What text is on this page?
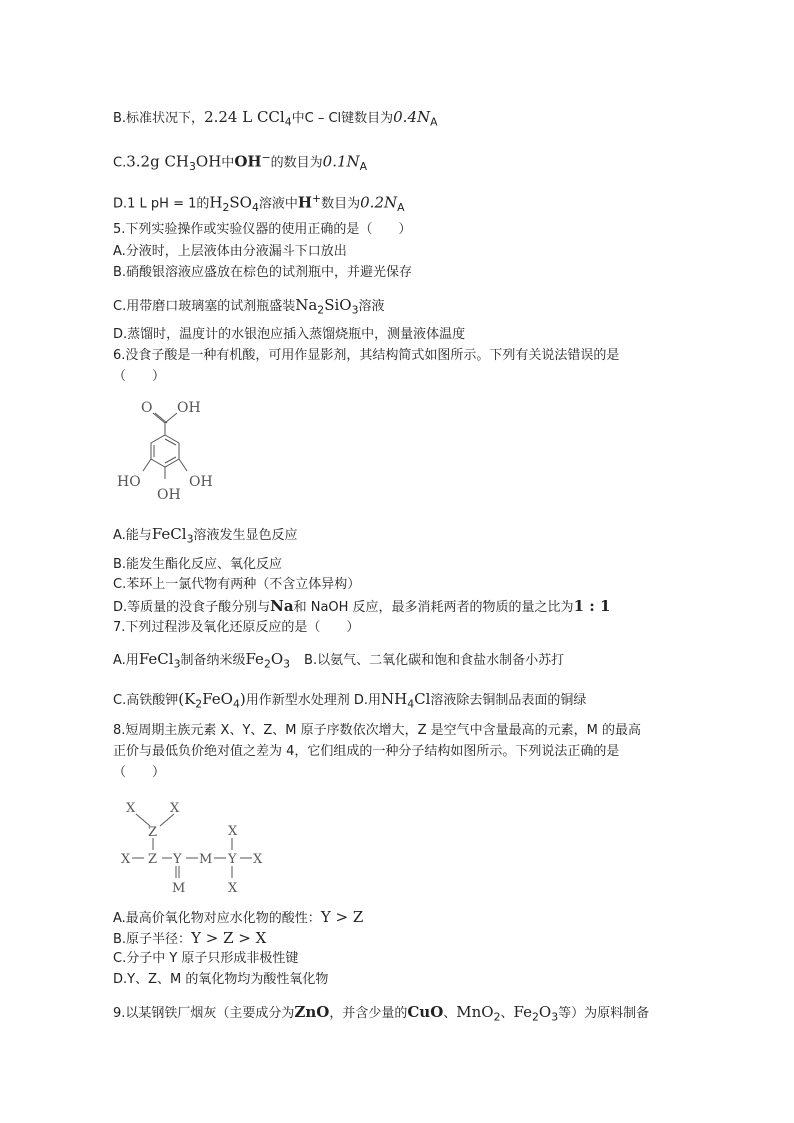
B.标准状况下，2.24 L CCl$_4$中C – Cl键数目为$0.4N_A$
C.3.2g $CH_3OH$中OH−的数目为$0.1N_A$
D.1 L pH = 1的$H_2SO_4$溶液中H+数目为$0.2N_A$
5.下列实验操作或实验仪器的使用正确的是（　　）
A.分液时，上层液体由分液漏斗下口放出
B.硝酸银溶液应盛放在棕色的试剂瓶中，并避光保存
C.用带磨口玻璃塞的试剂瓶盛装$Na_2SiO_3$溶液
D.蒸馏时，温度计的水银泡应插入蒸馏烧瓶中，测量液体温度
6.没食子酸是一种有机酸，可用作显影剂，其结构简式如图所示。下列有关说法错误的是
（　　）
O OH
HO
OH
OH
A.能与FeCl$_3$溶液发生显色反应
B.能发生酯化反应、氧化反应
C.苯环上一氯代物有两种（不含立体异构）
D.等质量的没食子酸分别与Na和 NaOH 反应，最多消耗两者的物质的量之比为1 : 1
7.下列过程涉及氧化还原反应的是（　　）
A.用FeCl$_3$制备纳米级$Fe_2O_3$ B.以氨气、二氧化碳和饱和食盐水制备小苏打
C.高铁酸钾$(K_2FeO_4)$用作新型水处理剂 D.用$NH_4Cl$溶液除去铜制品表面的铜绿
8.短周期主族元素 X、Y、Z、M 原子序数依次增大，Z 是空气中含量最高的元素，M 的最高
正价与最低负价绝对值之差为 4，它们组成的一种分子结构如图所示。下列说法正确的是
（　　）
X	X
Z
X Z Y M Y X
X
X
M
A.最高价氧化物对应水化物的酸性：Y > Z
B.原子半径：Y > Z > X
C.分子中 Y 原子只形成非极性键
D.Y、Z、M 的氧化物均为酸性氧化物
9.以某钢铁厂烟灰（主要成分为ZnO，并含少量的CuO、MnO$_2$、$Fe_2O_3$等）为原料制备
